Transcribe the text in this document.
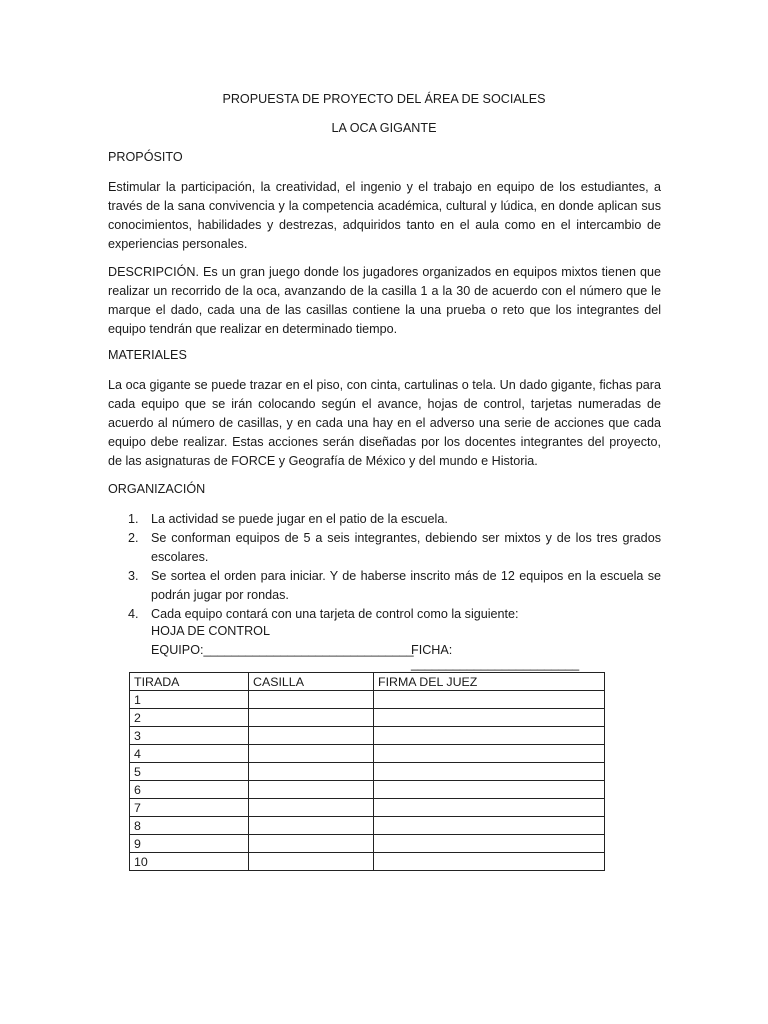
PROPUESTA DE PROYECTO DEL ÁREA DE SOCIALES
LA OCA GIGANTE
PROPÓSITO
Estimular la participación, la creatividad, el ingenio y el trabajo en equipo de los estudiantes, a través de la sana convivencia y la competencia académica, cultural y lúdica, en donde aplican sus conocimientos, habilidades y destrezas, adquiridos tanto en el aula como en el intercambio de experiencias personales.
DESCRIPCIÓN. Es un gran juego donde los jugadores organizados en equipos mixtos tienen que realizar un recorrido de la oca, avanzando de la casilla 1 a la 30 de acuerdo con el número que le marque el dado, cada una de las casillas contiene la una prueba o reto que los integrantes del equipo tendrán que realizar en determinado tiempo.
MATERIALES
La oca gigante se puede trazar en el piso, con cinta, cartulinas o tela. Un dado gigante, fichas para cada equipo que se irán colocando según el avance, hojas de control, tarjetas numeradas de acuerdo al número de casillas, y en cada una hay en el adverso una serie de acciones que cada equipo debe realizar. Estas acciones serán diseñadas por los docentes integrantes del proyecto, de las asignaturas de FORCE y Geografía de México y del mundo e Historia.
ORGANIZACIÓN
1. La actividad se puede jugar en el patio de la escuela.
2. Se conforman equipos de 5 a seis integrantes, debiendo ser mixtos y de los tres grados escolares.
3. Se sortea el orden para iniciar. Y de haberse inscrito más de 12 equipos en la escuela se podrán jugar por rondas.
4. Cada equipo contará con una tarjeta de control como la siguiente:
HOJA DE CONTROL
EQUIPO:______________________________
FICHA: ________________________
TIRADA	CASILLA	FIRMA DEL JUEZ
1		
2		
3		
4		
5		
6		
7		
8		
9		
10		
